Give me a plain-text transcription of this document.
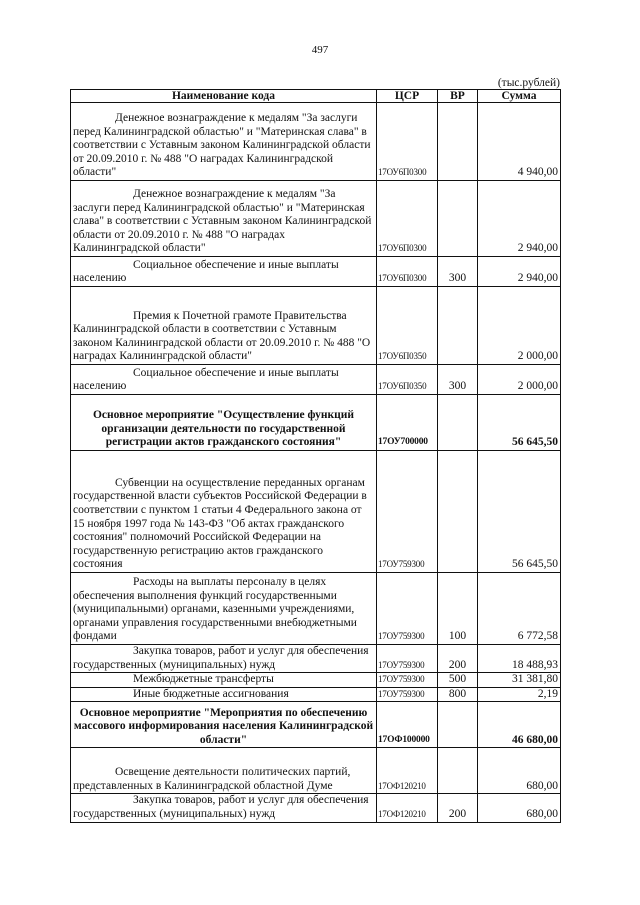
497
(тыс.рублей)
Наименование кода	ЦСР	ВР	Сумма
Денежное вознаграждение к медалям "За заслуги перед Калининградской областью" и "Материнская слава" в соответствии с Уставным законом Калининградской области от 20.09.2010 г. № 488 "О наградах Калининградской области"	17ОУ6П0300		4 940,00
Денежное вознаграждение к медалям "За заслуги перед Калининградской областью" и "Материнская слава" в соответствии с Уставным законом Калининградской области от 20.09.2010 г. № 488 "О наградах Калининградской области"	17ОУ6П0300		2 940,00
Социальное обеспечение и иные выплаты населению	17ОУ6П0300	300	2 940,00
Премия к Почетной грамоте Правительства Калининградской области в соответствии с Уставным законом Калининградской области от 20.09.2010 г. № 488 "О наградах Калининградской области"	17ОУ6П0350		2 000,00
Социальное обеспечение и иные выплаты населению	17ОУ6П0350	300	2 000,00
Основное мероприятие "Осуществление функций организации деятельности по государственной регистрации актов гражданского состояния"	17ОУ700000		56 645,50
Субвенции на осуществление переданных органам государственной власти субъектов Российской Федерации в соответствии с пунктом 1 статьи 4 Федерального закона от 15 ноября 1997 года № 143-ФЗ "Об актах гражданского состояния" полномочий Российской Федерации на государственную регистрацию актов гражданского состояния	17ОУ759300		56 645,50
Расходы на выплаты персоналу в целях обеспечения выполнения функций государственными (муниципальными) органами, казенными учреждениями, органами управления государственными внебюджетными фондами	17ОУ759300	100	6 772,58
Закупка товаров, работ и услуг для обеспечения государственных (муниципальных) нужд	17ОУ759300	200	18 488,93
Межбюджетные трансферты	17ОУ759300	500	31 381,80
Иные бюджетные ассигнования	17ОУ759300	800	2,19
Основное мероприятие "Мероприятия по обеспечению массового информирования населения Калининградской области"	17ОФ100000		46 680,00
Освещение деятельности политических партий, представленных в Калининградской областной Думе	17ОФ120210		680,00
Закупка товаров, работ и услуг для обеспечения государственных (муниципальных) нужд	17ОФ120210	200	680,00
